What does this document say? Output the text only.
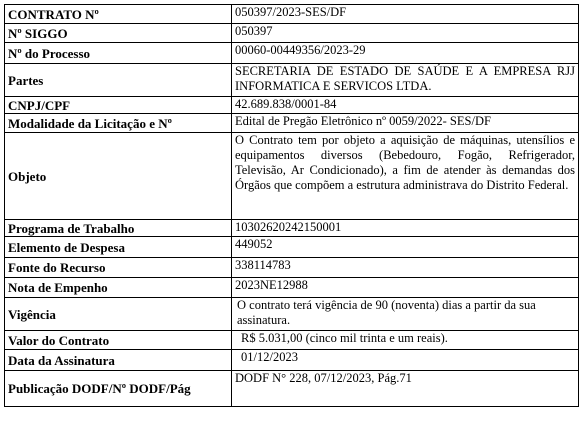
CONTRATO Nº	050397/2023-SES/DF
Nº SIGGO	050397
Nº do Processo	00060-00449356/2023-29
Partes	SECRETARIA DE ESTADO DE SAÚDE E A EMPRESA RJJ INFORMATICA E SERVICOS LTDA.
CNPJ/CPF	42.689.838/0001-84
Modalidade da Licitação e Nº	Edital de Pregão Eletrônico nº 0059/2022- SES/DF
Objeto	O Contrato tem por objeto a aquisição de máquinas, utensílios e equipamentos diversos (Bebedouro, Fogão, Refrigerador, Televisão, Ar Condicionado), a fim de atender às demandas dos Órgãos que compõem a estrutura administrava do Distrito Federal.
Programa de Trabalho	10302620242150001
Elemento de Despesa	449052
Fonte do Recurso	338114783
Nota de Empenho	2023NE12988
Vigência	O contrato terá vigência de 90 (noventa) dias a partir da sua assinatura.
Valor do Contrato	R$ 5.031,00 (cinco mil trinta e um reais).
Data da Assinatura	01/12/2023
Publicação DODF/Nº DODF/Pág	DODF N° 228, 07/12/2023, Pág.71
